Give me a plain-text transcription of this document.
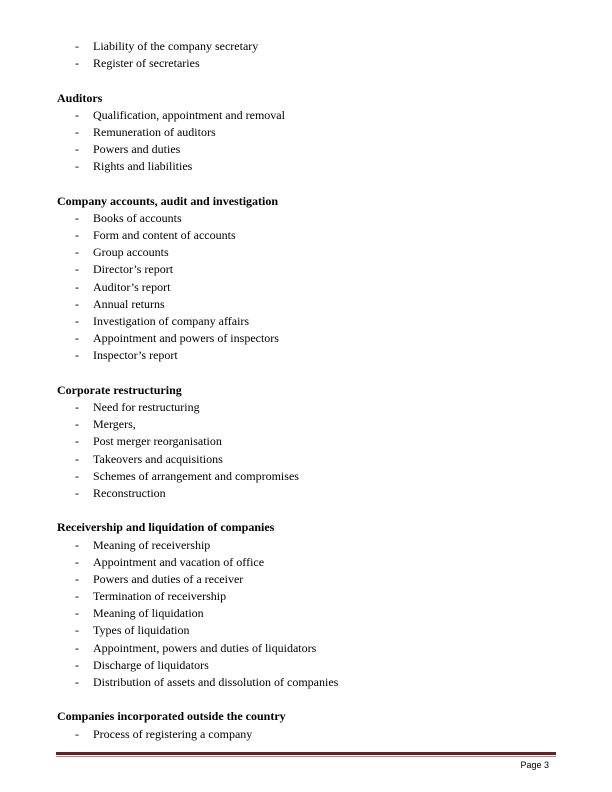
- Liability of the company secretary
- Register of secretaries
Auditors
- Qualification, appointment and removal
- Remuneration of auditors
- Powers and duties
- Rights and liabilities
Company accounts, audit and investigation
- Books of accounts
- Form and content of accounts
- Group accounts
- Director’s report
- Auditor’s report
- Annual returns
- Investigation of company affairs
- Appointment and powers of inspectors
- Inspector’s report
Corporate restructuring
- Need for restructuring
- Mergers,
- Post merger reorganisation
- Takeovers and acquisitions
- Schemes of arrangement and compromises
- Reconstruction
Receivership and liquidation of companies
- Meaning of receivership
- Appointment and vacation of office
- Powers and duties of a receiver
- Termination of receivership
- Meaning of liquidation
- Types of liquidation
- Appointment, powers and duties of liquidators
- Discharge of liquidators
- Distribution of assets and dissolution of companies
Companies incorporated outside the country
- Process of registering a company
Page 3
